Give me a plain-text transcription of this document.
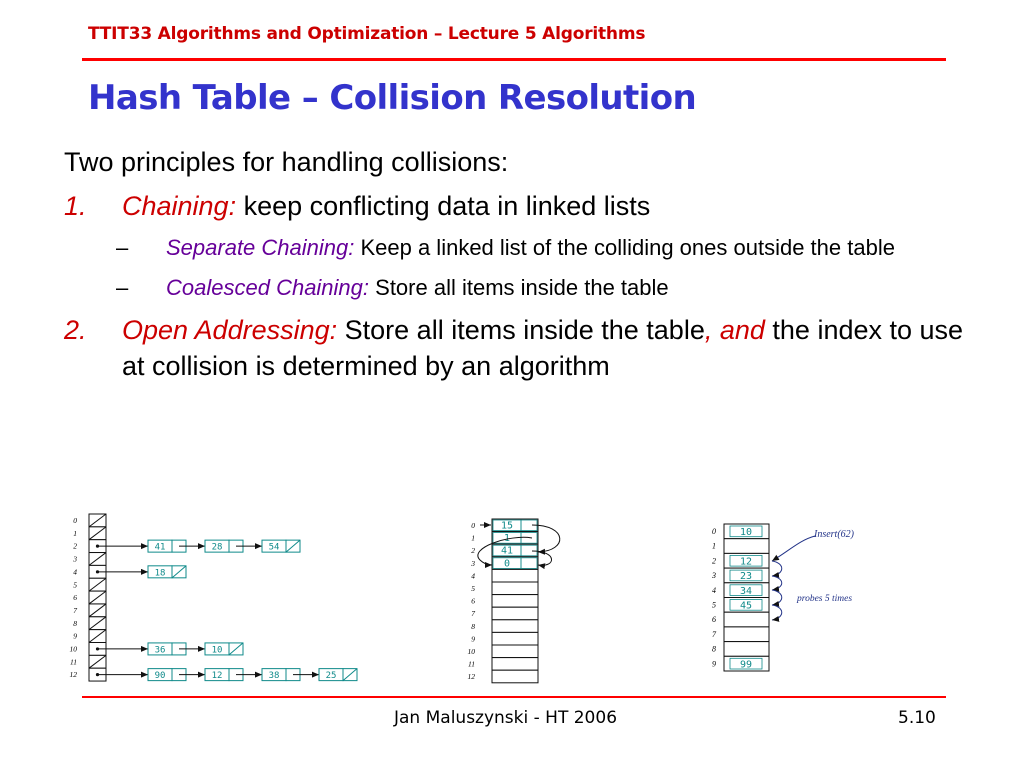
TTIT33 Algorithms and Optimization – Lecture 5 Algorithms
Hash Table – Collision Resolution
Two principles for handling collisions:
1. Chaining: keep conflicting data in linked lists
– Separate Chaining: Keep a linked list of the colliding ones outside the table
– Coalesced Chaining: Store all items inside the table
2. Open Addressing: Store all items inside the table, and the index to use at collision is determined by an algorithm
0
1
2	41	28	54
3
4	18
5
6
7
8
9
10	36	10
11
12	90	12	38	25
0	15
1	1
2	41
3	0
4
5
6
7
8
9
10
11
12
0 10
1
2 12
3 23
4 34
5 45
6
7
8
9 99
Insert(62)
probes 5 times
Jan Maluszynski - HT 2006	5.10
